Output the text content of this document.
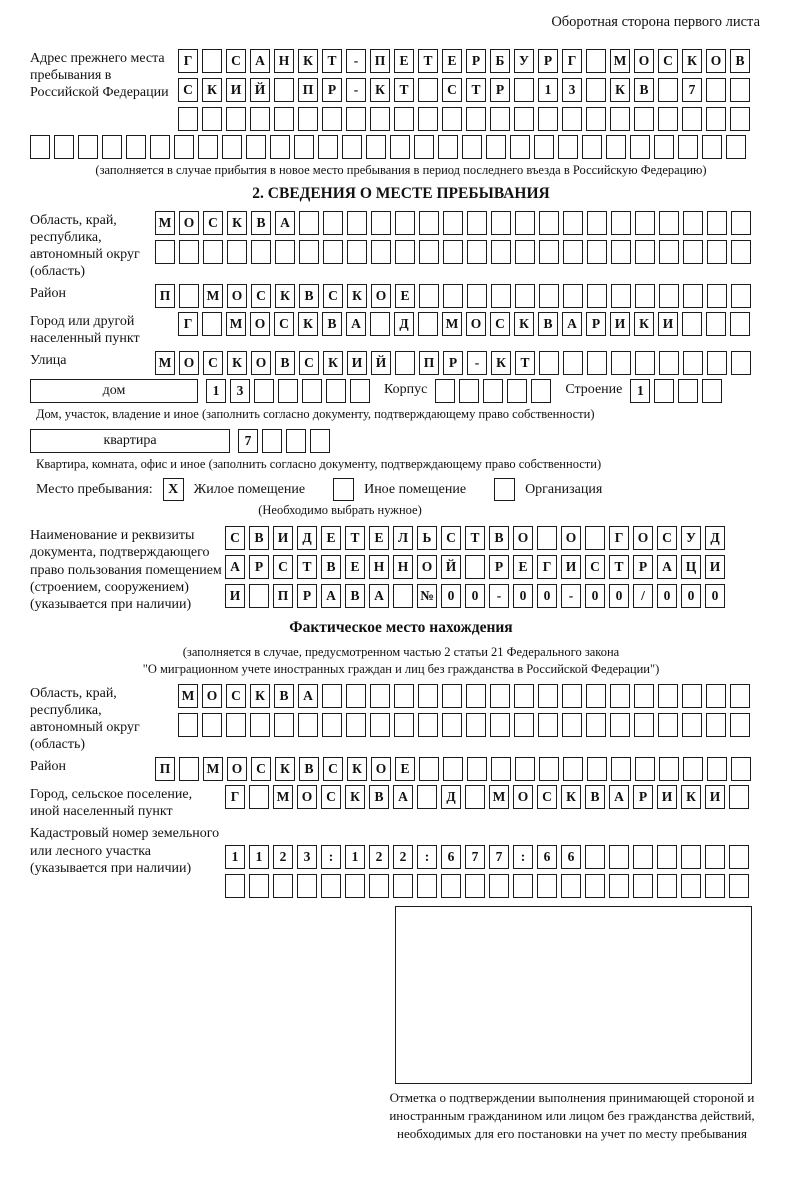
Оборотная сторона первого листа
Адрес прежнего места пребывания в Российской Федерации
Г	С	А	Н	К	Т	-	П	Е	Т	Е	Р	Б	У	Р	Г	М О	С	К	О	В
С	К	И Й	П	Р	-	К	Т	С	Т	Р	1	3	К	В	7
(заполняется в случае прибытия в новое место пребывания в период последнего въезда в Российскую Федерацию)
2. СВЕДЕНИЯ О МЕСТЕ ПРЕБЫВАНИЯ
Область, край, республика, автономный округ (область)
М О	С	К	В	А
Район	П	М О	С	К	В	С	К	О	Е
Город или другой населенный пункт
Г	М О	С	К	В	А	Д	М О	С	К	В	А	Р	И	К	И
Улица	М О	С	К	О	В	С	К	И Й	П	Р	-	К	Т
дом	1	3	Корпус	Строение	1
Дом, участок, владение и иное (заполнить согласно документу, подтверждающему право собственности)
квартира	7
Квартира, комната, офис и иное (заполнить согласно документу, подтверждающему право собственности)
Место пребывания:	X	Жилое помещение	Иное помещение	Организация
(Необходимо выбрать нужное)
Наименование и реквизиты документа, подтверждающего право пользования помещением (строением, сооружением) (указывается при наличии)
С	В	И	Д	Е	Т	Е	Л	Ь	С	Т	В	О	О	Г	О	С	У	Д
А	Р	С	Т	В	Е	Н Н О Й	Р	Е	Г	И	С	Т	Р	А	Ц И
И	П	Р	А	В	А	№	0	0	-	0	0	-	0	0	/	0	0	0
Фактическое место нахождения
(заполняется в случае, предусмотренном частью 2 статьи 21 Федерального закона
"О миграционном учете иностранных граждан и лиц без гражданства в Российской Федерации")
Область, край, республика, автономный округ (область)
М О	С	К	В	А
Район	П	М О	С	К	В	С	К	О	Е
Город, сельское поселение, иной населенный пункт
Г	М О	С	К	В	А	Д	М О	С	К	В	А	Р	И	К	И
Кадастровый номер земельного или лесного участка (указывается при наличии)
1	1	2	3	:	1	2	2	:	6	7	7	:	6	6
Отметка о подтверждении выполнения принимающей стороной и иностранным гражданином или лицом без гражданства действий, необходимых для его постановки на учет по месту пребывания
